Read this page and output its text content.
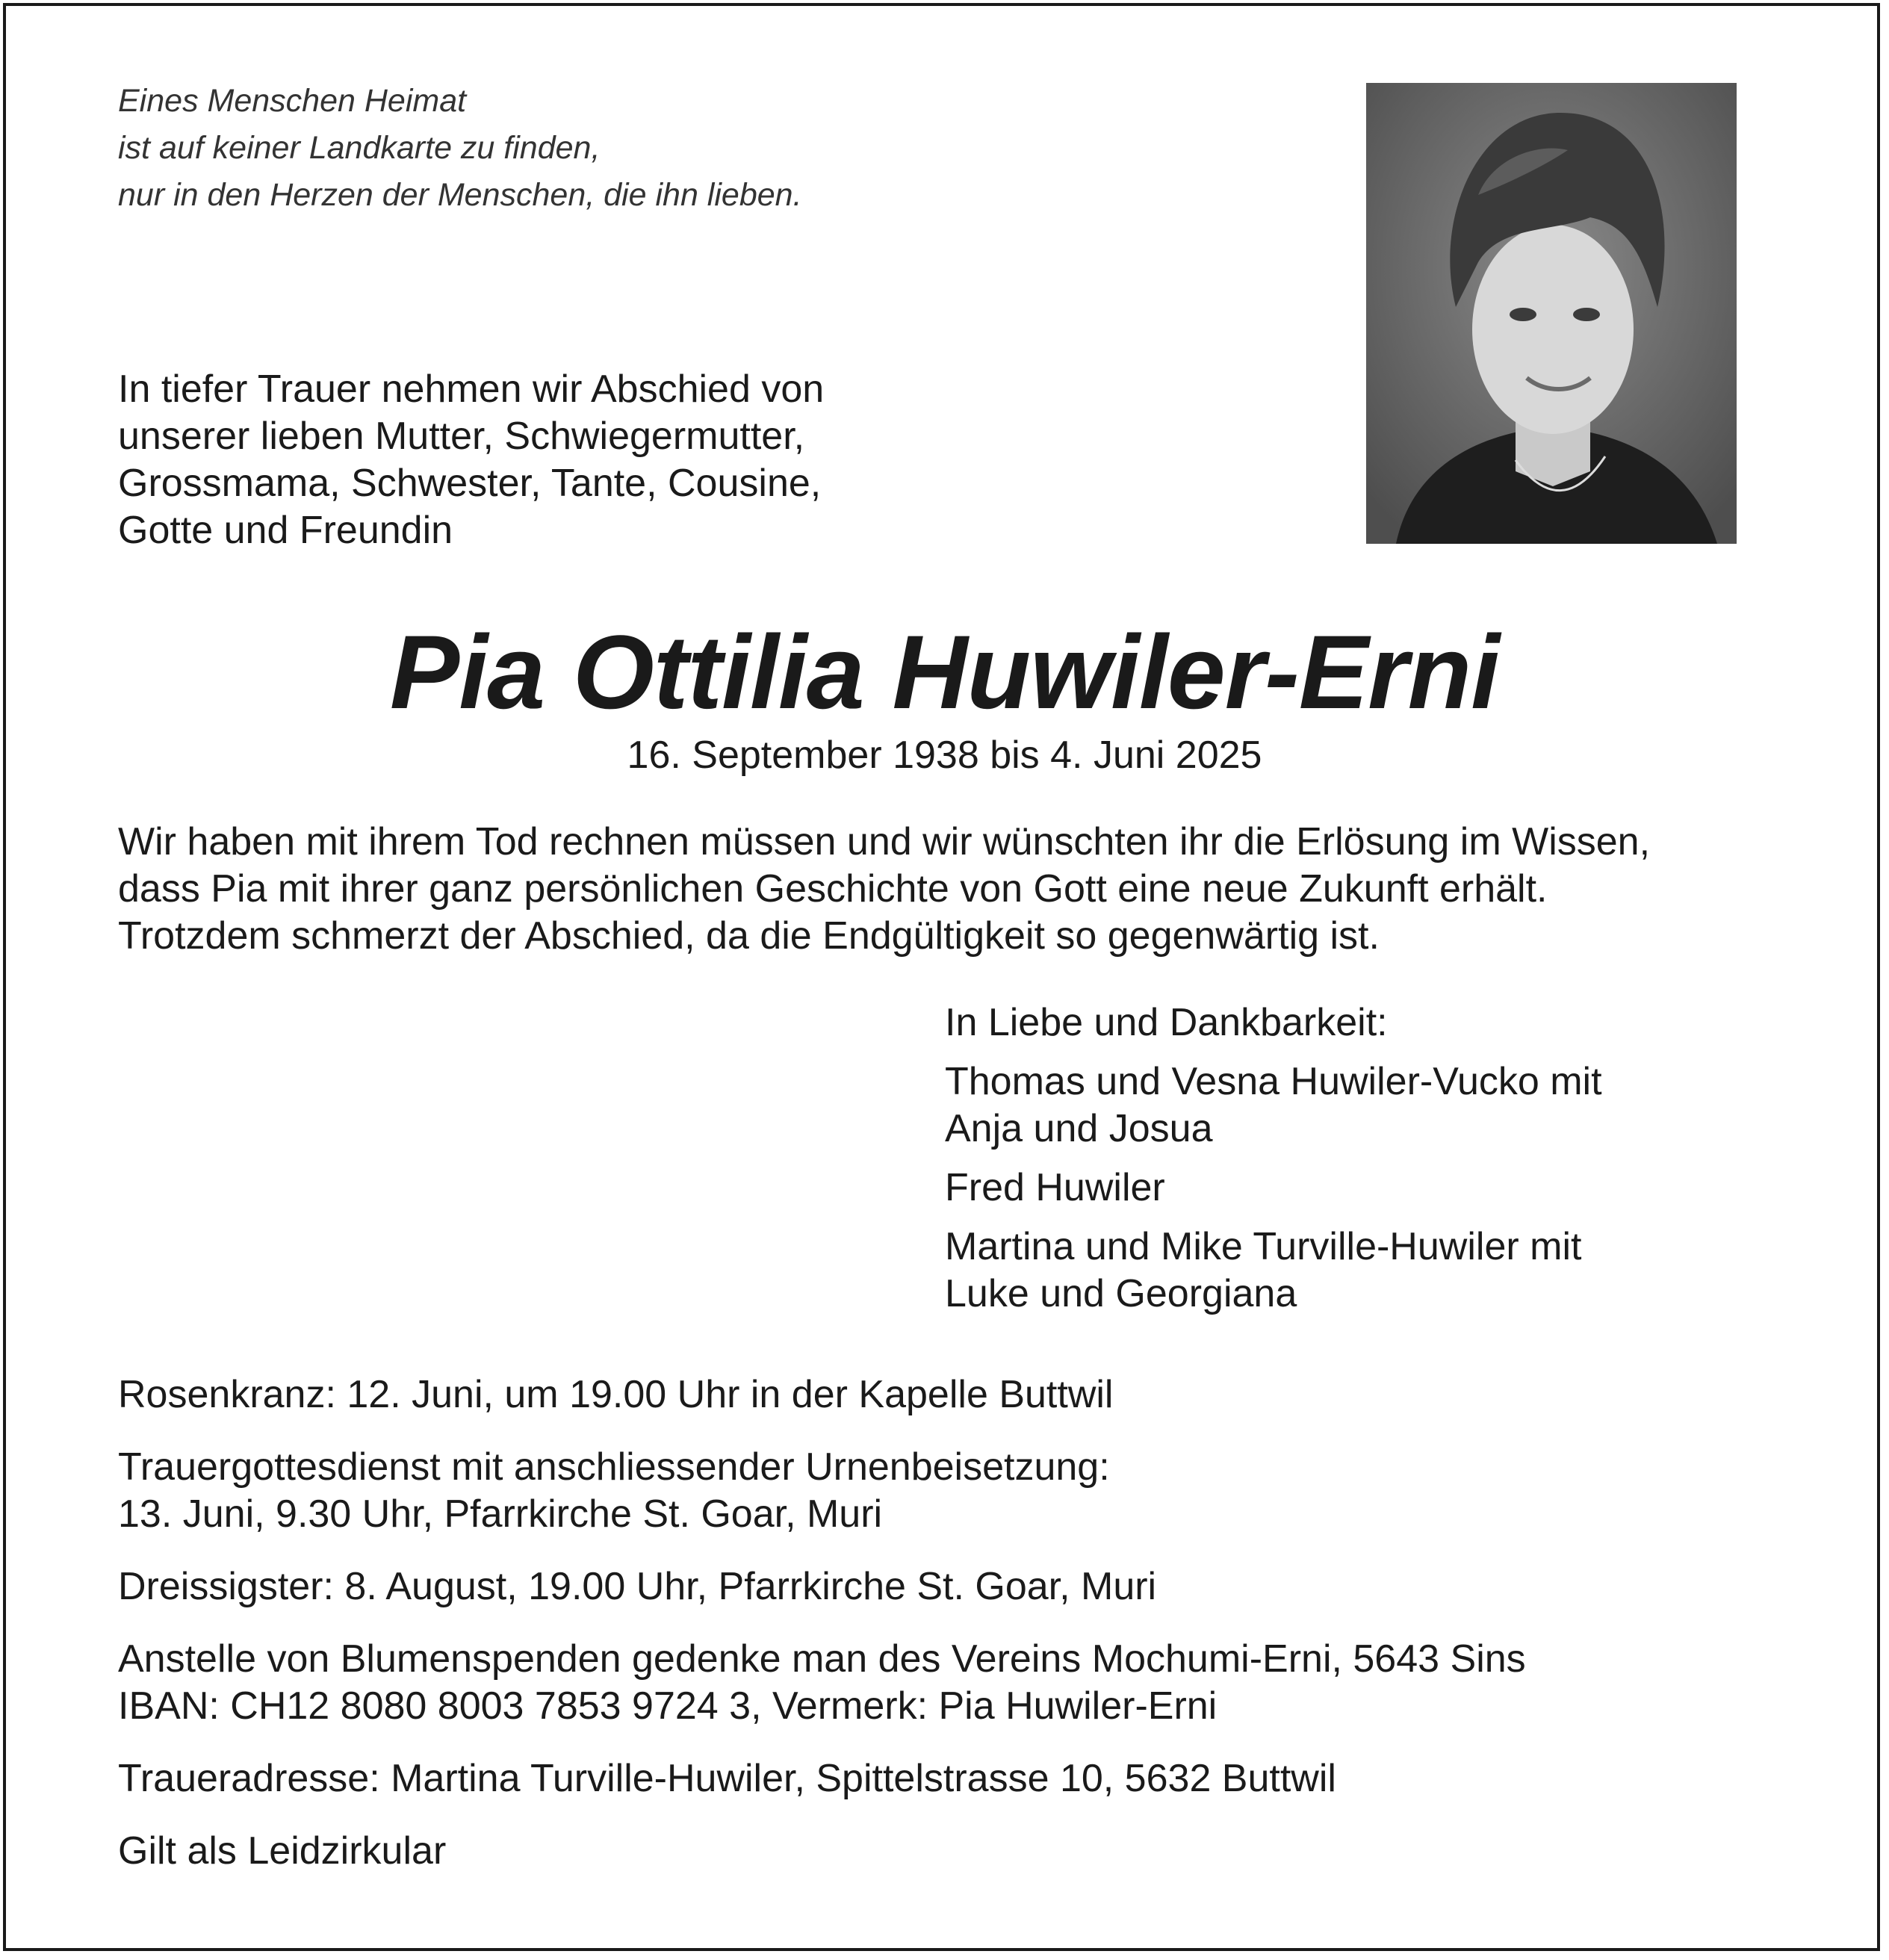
Eines Menschen Heimat
ist auf keiner Landkarte zu finden,
nur in den Herzen der Menschen, die ihn lieben.
In tiefer Trauer nehmen wir Abschied von
unserer lieben Mutter, Schwiegermutter,
Grossmama, Schwester, Tante, Cousine,
Gotte und Freundin
Pia Ottilia Huwiler-Erni
16. September 1938 bis 4. Juni 2025
Wir haben mit ihrem Tod rechnen müssen und wir wünschten ihr die Erlösung im Wissen,
dass Pia mit ihrer ganz persönlichen Geschichte von Gott eine neue Zukunft erhält.
Trotzdem schmerzt der Abschied, da die Endgültigkeit so gegenwärtig ist.

In Liebe und Dankbarkeit:

Thomas und Vesna Huwiler-Vucko mit
Anja und Josua

Fred Huwiler

Martina und Mike Turville-Huwiler mit
Luke und Georgiana

Rosenkranz: 12. Juni, um 19.00 Uhr in der Kapelle Buttwil

Trauergottesdienst mit anschliessender Urnenbeisetzung:
13. Juni, 9.30 Uhr, Pfarrkirche St. Goar, Muri

Dreissigster: 8. August, 19.00 Uhr, Pfarrkirche St. Goar, Muri

Anstelle von Blumenspenden gedenke man des Vereins Mochumi-Erni, 5643 Sins
IBAN: CH12 8080 8003 7853 9724 3, Vermerk: Pia Huwiler-Erni

Traueradresse: Martina Turville-Huwiler, Spittelstrasse 10, 5632 Buttwil

Gilt als Leidzirkular
